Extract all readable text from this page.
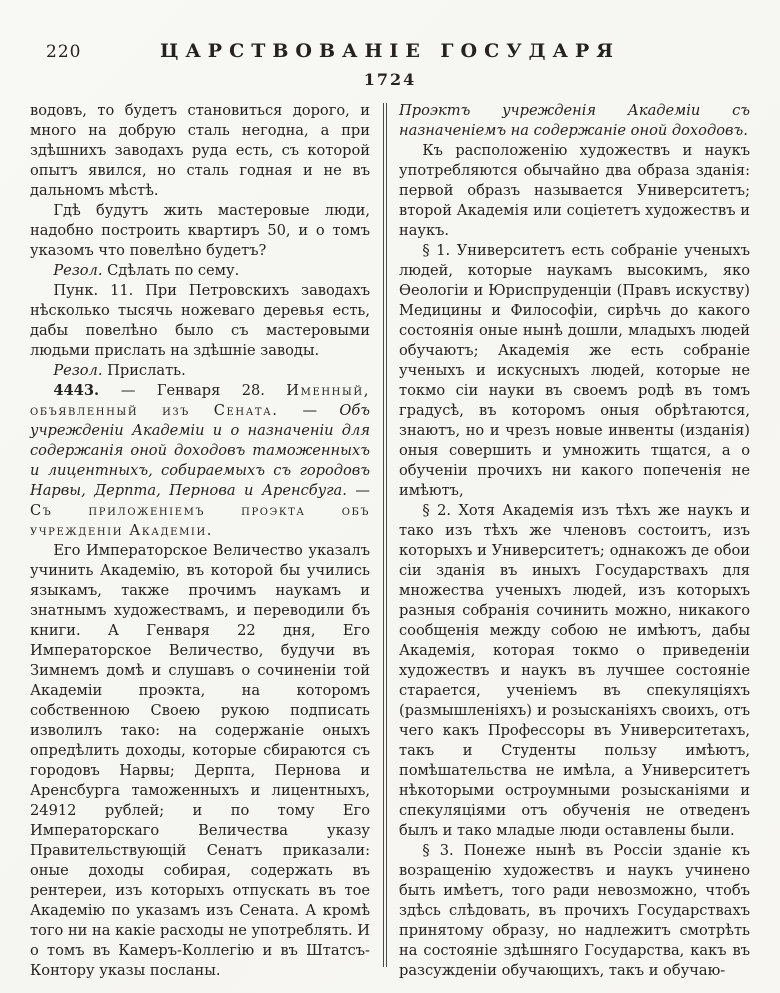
220	ЦАРСТВОВАНІЕ ГОСУДАРЯ
1724

водовъ, то будетъ становиться дорого, и много на добрую сталь негодна, а при здѣшнихъ заводахъ руда есть, съ которой опытъ явился, но сталь годная и не въ дальномъ мѣстѣ.

Гдѣ будутъ жить мастеровые люди, надобно построить квартиръ 50, и о томъ указомъ что повелѣно будетъ?

Резол. Сдѣлать по сему.

Пунк. 11. При Петровскихъ заводахъ нѣсколько тысячь ножеваго деревья есть, дабы повелѣно было съ мастеровыми людьми прислать на здѣшніе заводы.

Резол. Прислать.

4443. — Генваря 28. Именный, объявленный изъ Сената. — Объ учрежденіи Академіи и о назначеніи для содержанія оной доходовъ таможенныхъ и лицентныхъ, собираемыхъ съ городовъ Нарвы, Дерпта, Пернова и Аренсбуга. — Съ приложеніемъ проэкта объ учрежденіи Академіи.

Его Императорское Величество указалъ учинить Академію, въ которой бы учились языкамъ, также прочимъ наукамъ и знатнымъ художествамъ, и переводили бъ книги. А Генваря 22 дня, Его Императорское Величество, будучи въ Зимнемъ домѣ и слушавъ о сочиненіи той Академіи проэкта, на которомъ собственною Своею рукою подписать изволилъ тако: на содержаніе оныхъ опредѣлить доходы, которые сбираются съ городовъ Нарвы; Дерпта, Пернова и Аренсбурга таможенныхъ и лицентныхъ, 24912 рублей; и по тому Его Императорскаго Величества указу Правительствующій Сенатъ приказали: оные доходы собирая, содержать въ рентереи, изъ которыхъ отпускать въ тое Академію по указамъ изъ Сената. А кромѣ того ни на какіе расходы не употреблять. И о томъ въ Камеръ-Коллегію и въ Штатсъ-Контору указы посланы.

Проэктъ учрежденія Академіи съ назначеніемъ на содержаніе оной доходовъ.

Къ расположенію художествъ и наукъ употребляются обычайно два образа зданія: первой образъ называется Университетъ; второй Академія или соціететъ художествъ и наукъ.

§ 1. Университетъ есть собраніе ученыхъ людей, которые наукамъ высокимъ, яко Ѳеологіи и Юриспруденціи (Правъ искуству) Медицины и Философіи, сирѣчь до какого состоянія оные нынѣ дошли, младыхъ людей обучаютъ; Академія же есть собраніе ученыхъ и искусныхъ людей, которые не токмо сіи науки въ своемъ родѣ въ томъ градусѣ, въ которомъ оныя обрѣтаются, знаютъ, но и чрезъ новые инвенты (изданія) оныя совершить и умножить тщатся, а о обученіи прочихъ ни какого попеченія не имѣютъ,

§ 2. Хотя Академія изъ тѣхъ же наукъ и тако изъ тѣхъ же членовъ состоитъ, изъ которыхъ и Университетъ; однакожъ де обои сіи зданія въ иныхъ Государствахъ для множества ученыхъ людей, изъ которыхъ разныя собранія сочинить можно, никакого сообщенія между собою не имѣютъ, дабы Академія, которая токмо о приведеніи художествъ и наукъ въ лучшее состояніе старается, ученіемъ въ спекуляціяхъ (размышленіяхъ) и розысканіяхъ своихъ, отъ чего какъ Профессоры въ Университетахъ, такъ и Студенты пользу имѣютъ, помѣшательства не имѣла, а Университетъ нѣкоторыми остроумными розысканіями и спекуляціями отъ обученія не отведенъ былъ и тако младые люди оставлены были.

§ 3. Понеже нынѣ въ Россіи зданіе къ возращенію художествъ и наукъ учинено быть имѣетъ, того ради невозможно, чтобъ здѣсь слѣдовать, въ прочихъ Государствахъ принятому образу, но надлежитъ смотрѣть на состояніе здѣшняго Государства, какъ въ разсужденіи обучающихъ, такъ и обучаю-
